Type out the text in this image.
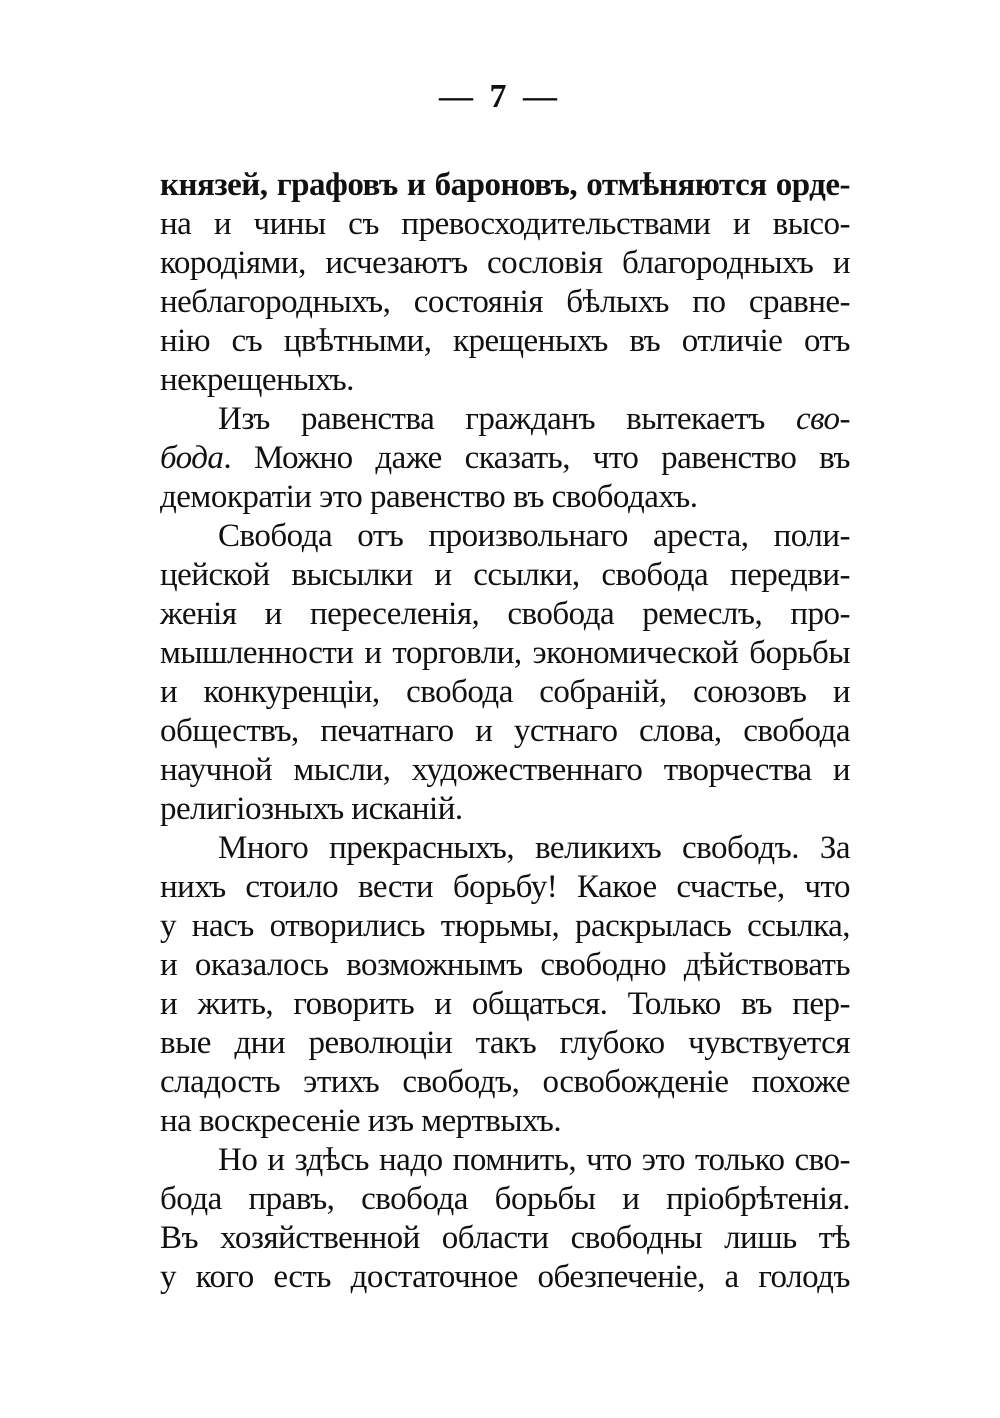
— 7 —
князей, графовъ и бароновъ, отмѣняются орде-
на и чины съ превосходительствами и высо-
кородіями, исчезаютъ сословія благородныхъ и
неблагородныхъ, состоянія бѣлыхъ по сравне-
нію съ цвѣтными, крещеныхъ въ отличіе отъ
некрещеныхъ.
Изъ равенства гражданъ вытекаетъ сво-
бода. Можно даже сказать, что равенство въ
демократіи это равенство въ свободахъ.
Свобода отъ произвольнаго ареста, поли-
цейской высылки и ссылки, свобода передви-
женія и переселенія, свобода ремеслъ, про-
мышленности и торговли, экономической борьбы
и конкуренціи, свобода собраній, союзовъ и
обществъ, печатнаго и устнаго слова, свобода
научной мысли, художественнаго творчества и
религіозныхъ исканій.
Много прекрасныхъ, великихъ свободъ. За
нихъ стоило вести борьбу! Какое счастье, что
у насъ отворились тюрьмы, раскрылась ссылка,
и оказалось возможнымъ свободно дѣйствовать
и жить, говорить и общаться. Только въ пер-
вые дни революціи такъ глубоко чувствуется
сладость этихъ свободъ, освобожденіе похоже
на воскресеніе изъ мертвыхъ.
Но и здѣсь надо помнить, что это только сво-
бода правъ, свобода борьбы и пріобрѣтенія.
Въ хозяйственной области свободны лишь тѣ
у кого есть достаточное обезпеченіе, а голодъ
